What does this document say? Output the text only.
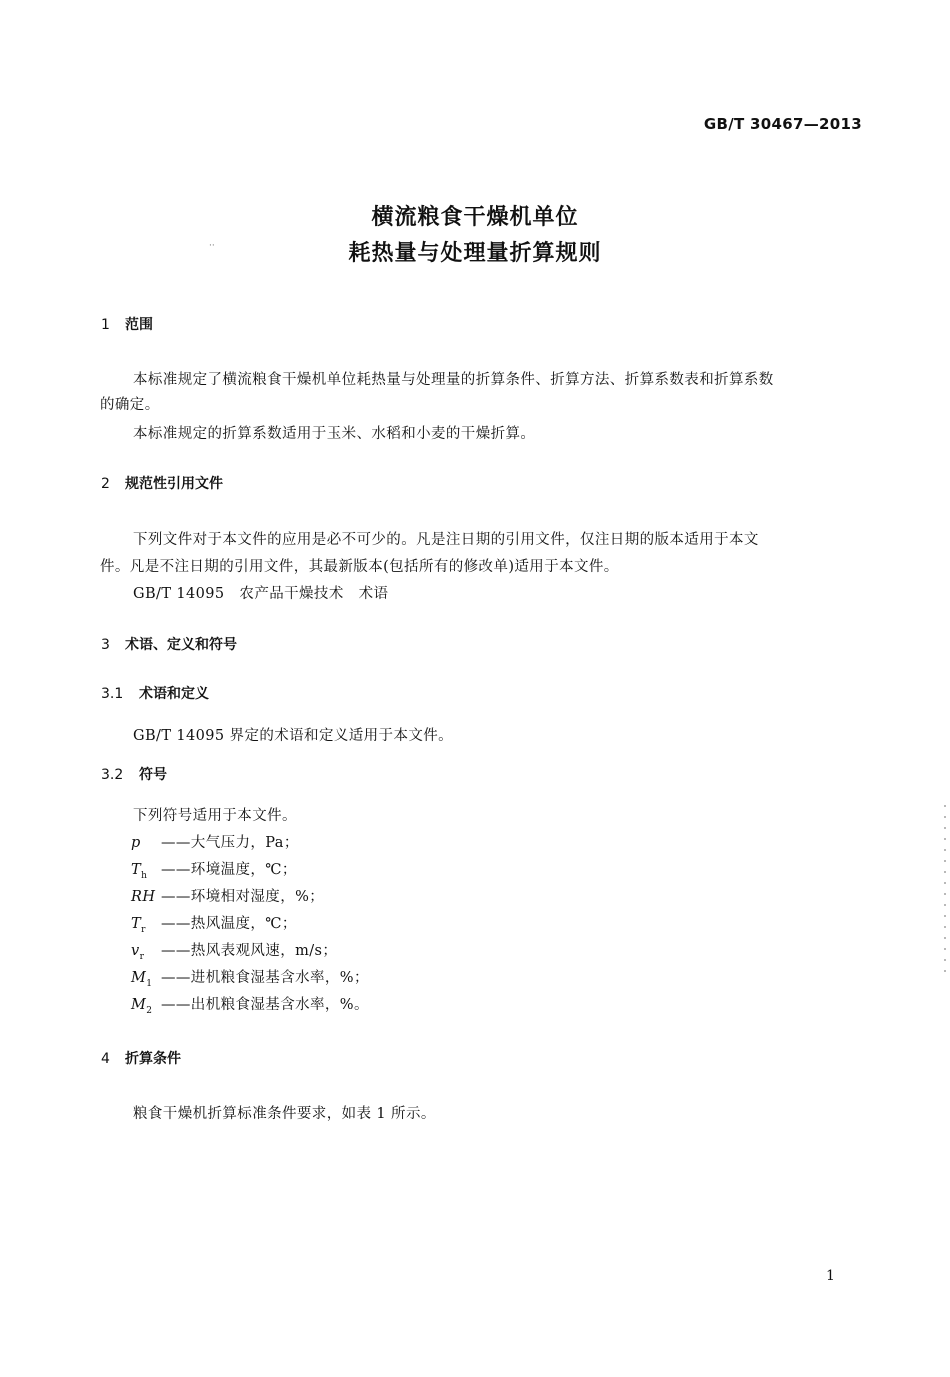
GB/T 30467—2013
··
横流粮食干燥机单位
耗热量与处理量折算规则
1 范围
本标准规定了横流粮食干燥机单位耗热量与处理量的折算条件、折算方法、折算系数表和折算系数
的确定。
本标准规定的折算系数适用于玉米、水稻和小麦的干燥折算。
2 规范性引用文件
下列文件对于本文件的应用是必不可少的。凡是注日期的引用文件，仅注日期的版本适用于本文
件。凡是不注日期的引用文件，其最新版本(包括所有的修改单)适用于本文件。
GB/T 14095　农产品干燥技术　术语
3 术语、定义和符号
3.1 术语和定义
GB/T 14095 界定的术语和定义适用于本文件。
3.2 符号
下列符号适用于本文件。
p ——大气压力，Pa；
$T_h$ ——环境温度，℃；
RH ——环境相对湿度，%；
$T_r$ ——热风温度，℃；
$v_r$ ——热风表观风速，m/s；
$M_1$ ——进机粮食湿基含水率，%；
$M_2$ ——出机粮食湿基含水率，%。
4 折算条件
粮食干燥机折算标准条件要求，如表 1 所示。
1
